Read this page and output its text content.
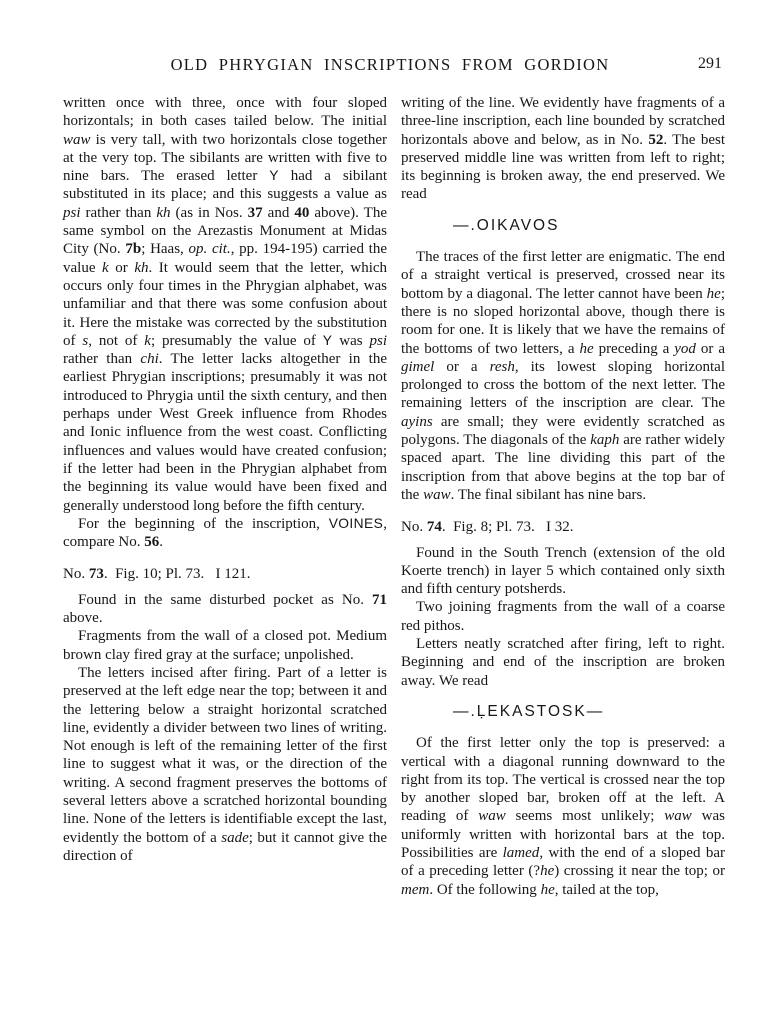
OLD PHRYGIAN INSCRIPTIONS FROM GORDION	291

written once with three, once with four sloped horizontals; in both cases tailed below. The initial waw is very tall, with two horizontals close together at the very top. The sibilants are written with five to nine bars. The erased letter Y had a sibilant substituted in its place; and this suggests a value as psi rather than kh (as in Nos. 37 and 40 above). The same symbol on the Arezastis Monument at Midas City (No. 7b; Haas, op. cit., pp. 194-195) carried the value k or kh. It would seem that the letter, which occurs only four times in the Phrygian alphabet, was unfamiliar and that there was some confusion about it. Here the mistake was corrected by the substitution of s, not of k; presumably the value of Y was psi rather than chi. The letter lacks altogether in the earliest Phrygian inscriptions; presumably it was not introduced to Phrygia until the sixth century, and then perhaps under West Greek influence from Rhodes and Ionic influence from the west coast. Conflicting influences and values would have created confusion; if the letter had been in the Phrygian alphabet from the beginning its value would have been fixed and generally understood long before the fifth century.

For the beginning of the inscription, VOINES, compare No. 56.

No. 73. Fig. 10; Pl. 73.  I 121.

Found in the same disturbed pocket as No. 71 above.

Fragments from the wall of a closed pot. Medium brown clay fired gray at the surface; unpolished.

The letters incised after firing. Part of a letter is preserved at the left edge near the top; between it and the lettering below a straight horizontal scratched line, evidently a divider between two lines of writing. Not enough is left of the remaining letter of the first line to suggest what it was, or the direction of the writing. A second fragment preserves the bottoms of several letters above a scratched horizontal bounding line. None of the letters is identifiable except the last, evidently the bottom of a sade; but it cannot give the direction of

writing of the line. We evidently have fragments of a three-line inscription, each line bounded by scratched horizontals above and below, as in No. 52. The best preserved middle line was written from left to right; its beginning is broken away, the end preserved. We read

—.OIKAVOS

The traces of the first letter are enigmatic. The end of a straight vertical is preserved, crossed near its bottom by a diagonal. The letter cannot have been he; there is no sloped horizontal above, though there is room for one. It is likely that we have the remains of the bottoms of two letters, a he preceding a yod or a gimel or a resh, its lowest sloping horizontal prolonged to cross the bottom of the next letter. The remaining letters of the inscription are clear. The ayins are small; they were evidently scratched as polygons. The diagonals of the kaph are rather widely spaced apart. The line dividing this part of the inscription from that above begins at the top bar of the waw. The final sibilant has nine bars.

No. 74. Fig. 8; Pl. 73.  I 32.

Found in the South Trench (extension of the old Koerte trench) in layer 5 which contained only sixth and fifth century potsherds.

Two joining fragments from the wall of a coarse red pithos.

Letters neatly scratched after firing, left to right. Beginning and end of the inscription are broken away. We read

—.ḶEKASTOSK—

Of the first letter only the top is preserved: a vertical with a diagonal running downward to the right from its top. The vertical is crossed near the top by another sloped bar, broken off at the left. A reading of waw seems most unlikely; waw was uniformly written with horizontal bars at the top. Possibilities are lamed, with the end of a sloped bar of a preceding letter (?he) crossing it near the top; or mem. Of the following he, tailed at the top,
